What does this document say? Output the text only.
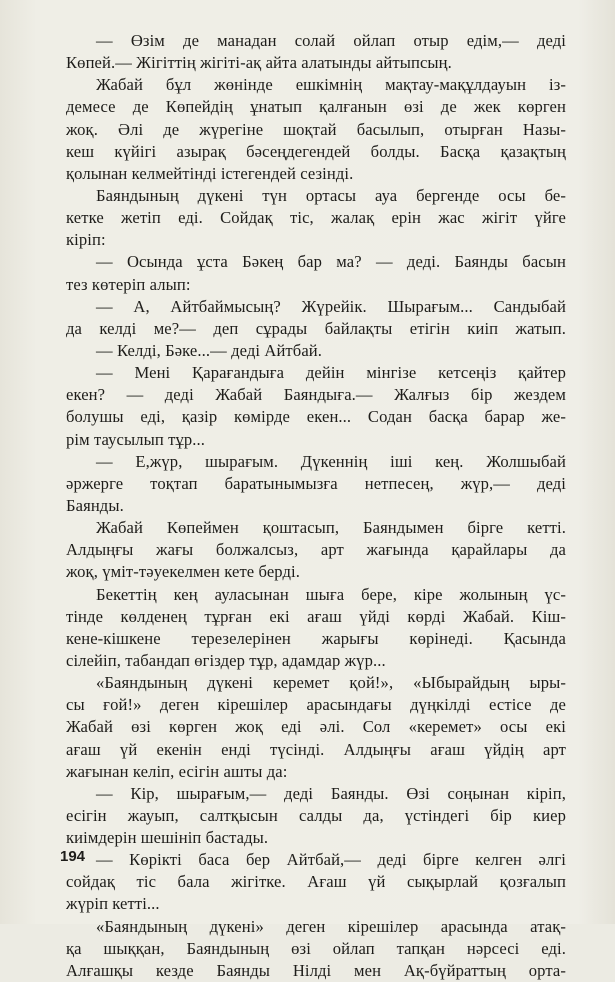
— Өзім де манадан солай ойлап отыр едім,— деді
Көпей.— Жігіттің жігіті-ақ айта алатынды айтыпсың.
Жабай бұл жөнінде ешкімнің мақтау-мақұлдауын із-
демесе де Көпейдің ұнатып қалғанын өзі де жек көрген
жоқ. Әлі де жүрегіне шоқтай басылып, отырған Назы-
кеш күйігі азырақ бәсеңдегендей болды. Басқа қазақтың
қолынан келмейтінді істегендей сезінді.
Баяндының дүкені түн ортасы ауа бергенде осы бе-
кетке жетіп еді. Сойдақ тіс, жалақ ерін жас жігіт үйге
кіріп:
— Осында ұста Бәкең бар ма? — деді. Баянды басын
тез көтеріп алып:
— А, Айтбаймысың? Жүрейік. Шырағым... Сандыбай
да келді ме?— деп сұрады байлақты етігін киіп жатып.
— Келді, Бәке...— деді Айтбай.
— Мені Қарағандыға дейін мінгізе кетсеңіз қайтер
екен? — деді Жабай Баяндыға.— Жалғыз бір жездем
болушы еді, қазір көмірде екен... Содан басқа барар же-
рім таусылып тұр...
— Е,жүр, шырағым. Дүкеннің іші кең. Жолшыбай
әржерге тоқтап баратынымызға нетпесең, жүр,— деді
Баянды.
Жабай Көпеймен қоштасып, Баяндымен бірге кетті.
Алдыңғы жағы болжалсыз, арт жағында қарайлары да
жоқ, үміт-тәуекелмен кете берді.
Бекеттің кең ауласынан шыға бере, кіре жолының үс-
тінде көлденең тұрған екі ағаш үйді көрді Жабай. Кіш-
кене-кішкене терезелерінен жарығы көрінеді. Қасында
сілейіп, табандап өгіздер тұр, адамдар жүр...
«Баяндының дүкені керемет қой!», «Ыбырайдың ыры-
сы ғой!» деген кірешілер арасындағы дүңкілді естісе де
Жабай өзі көрген жоқ еді әлі. Сол «керемет» осы екі
ағаш үй екенін енді түсінді. Алдыңғы ағаш үйдің арт
жағынан келіп, есігін ашты да:
— Кір, шырағым,— деді Баянды. Өзі соңынан кіріп,
есігін жауып, салтқысын салды да, үстіндегі бір киер
киімдерін шешініп бастады.
— Көрікті баса бер Айтбай,— деді бірге келген әлгі
сойдақ тіс бала жігітке. Ағаш үй сықырлай қозғалып
жүріп кетті...
«Баяндының дүкені» деген кірешілер арасында атақ-
қа шыққан, Баяндының өзі ойлап тапқан нәрсесі еді.
Алғашқы кезде Баянды Нілді мен Ақ-бүйраттың орта-
194
